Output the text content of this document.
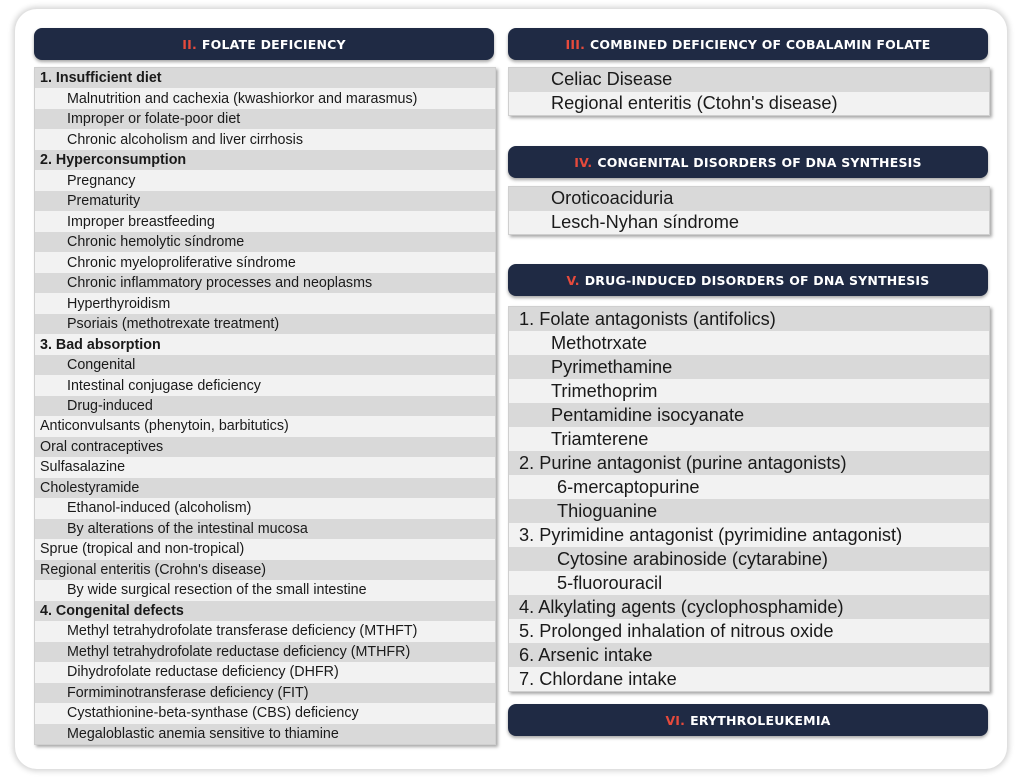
II. FOLATE DEFICIENCY
1. Insufficient diet
Malnutrition and cachexia (kwashiorkor and marasmus)
Improper or folate-poor diet
Chronic alcoholism and liver cirrhosis
2. Hyperconsumption
Pregnancy
Prematurity
Improper breastfeeding
Chronic hemolytic síndrome
Chronic myeloproliferative síndrome
Chronic inflammatory processes and neoplasms
Hyperthyroidism
Psoriais (methotrexate treatment)
3. Bad absorption
Congenital
Intestinal conjugase deficiency
Drug-induced
Anticonvulsants (phenytoin, barbitutics)
Oral contraceptives
Sulfasalazine
Cholestyramide
Ethanol-induced (alcoholism)
By alterations of the intestinal mucosa
Sprue (tropical and non-tropical)
Regional enteritis (Crohn's disease)
By wide surgical resection of the small intestine
4. Congenital defects
Methyl tetrahydrofolate transferase deficiency (MTHFT)
Methyl tetrahydrofolate reductase deficiency (MTHFR)
Dihydrofolate reductase deficiency (DHFR)
Formiminotransferase deficiency (FIT)
Cystathionine-beta-synthase (CBS) deficiency
Megaloblastic anemia sensitive to thiamine
III. COMBINED DEFICIENCY OF COBALAMIN FOLATE
Celiac Disease
Regional enteritis (Ctohn's disease)
IV. CONGENITAL DISORDERS OF DNA SYNTHESIS
Oroticoaciduria
Lesch-Nyhan síndrome
V. DRUG-INDUCED DISORDERS OF DNA SYNTHESIS
1. Folate antagonists (antifolics)
Methotrxate
Pyrimethamine
Trimethoprim
Pentamidine isocyanate
Triamterene
2. Purine antagonist (purine antagonists)
6-mercaptopurine
Thioguanine
3. Pyrimidine antagonist (pyrimidine antagonist)
Cytosine arabinoside (cytarabine)
5-fluorouracil
4. Alkylating agents (cyclophosphamide)
5. Prolonged inhalation of nitrous oxide
6. Arsenic intake
7. Chlordane intake
VI. ERYTHROLEUKEMIA
